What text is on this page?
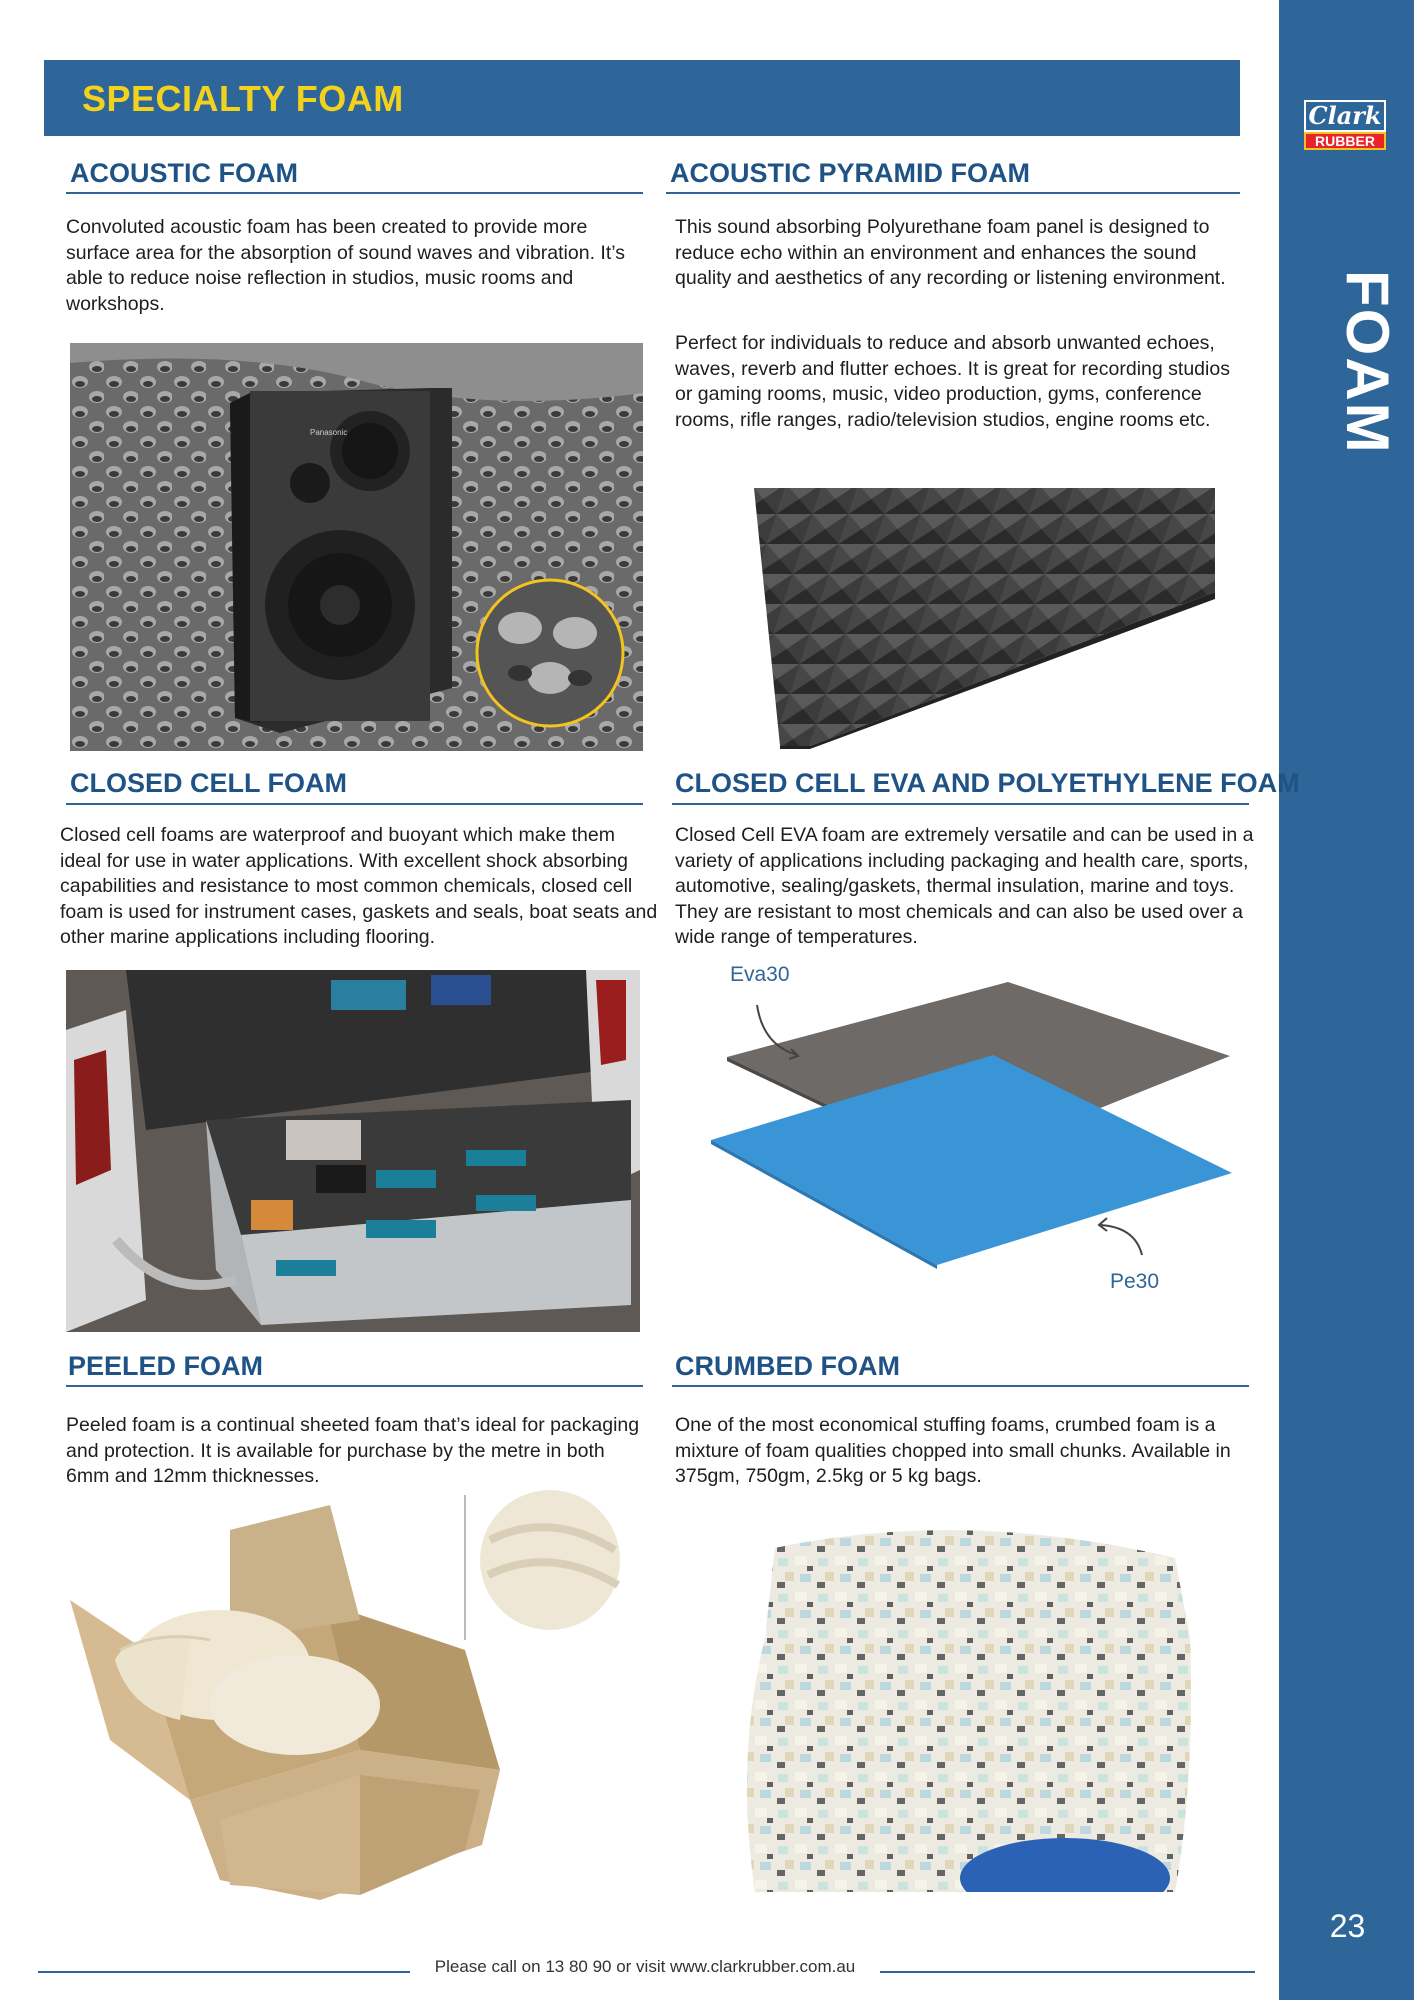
Clark
RUBBER
FOAM
23
SPECIALTY FOAM
ACOUSTIC FOAM

Convoluted acoustic foam has been created to provide more surface area for the absorption of sound waves and vibration. It’s able to reduce noise reflection in studios, music rooms and workshops.

Panasonic
ACOUSTIC PYRAMID FOAM

This sound absorbing Polyurethane foam panel is designed to reduce echo within an environment and enhances the sound quality and aesthetics of any recording or listening environment.

Perfect for individuals to reduce and absorb unwanted echoes, waves, reverb and flutter echoes. It is great for recording studios or gaming rooms, music, video production, gyms, conference rooms, rifle ranges, radio/television studios, engine rooms etc.

CLOSED CELL FOAM

Closed cell foams are waterproof and buoyant which make them ideal for use in water applications. With excellent shock absorbing capabilities and resistance to most common chemicals, closed cell foam is used for instrument cases, gaskets and seals, boat seats and other marine applications including flooring.

CLOSED CELL EVA AND POLYETHYLENE FOAM

Closed Cell EVA foam are extremely versatile and can be used in a variety of applications including packaging and health care, sports, automotive, sealing/gaskets, thermal insulation, marine and toys. They are resistant to most chemicals and can also be used over a wide range of temperatures.

Eva30
Pe30
PEELED FOAM

Peeled foam is a continual sheeted foam that’s ideal for packaging and protection. It is available for purchase by the metre in both 6mm and 12mm thicknesses.

CRUMBED FOAM

One of the most economical stuffing foams, crumbed foam is a mixture of foam qualities chopped into small chunks. Available in 375gm, 750gm, 2.5kg or 5 kg bags.

Please call on 13 80 90 or visit www.clarkrubber.com.au
